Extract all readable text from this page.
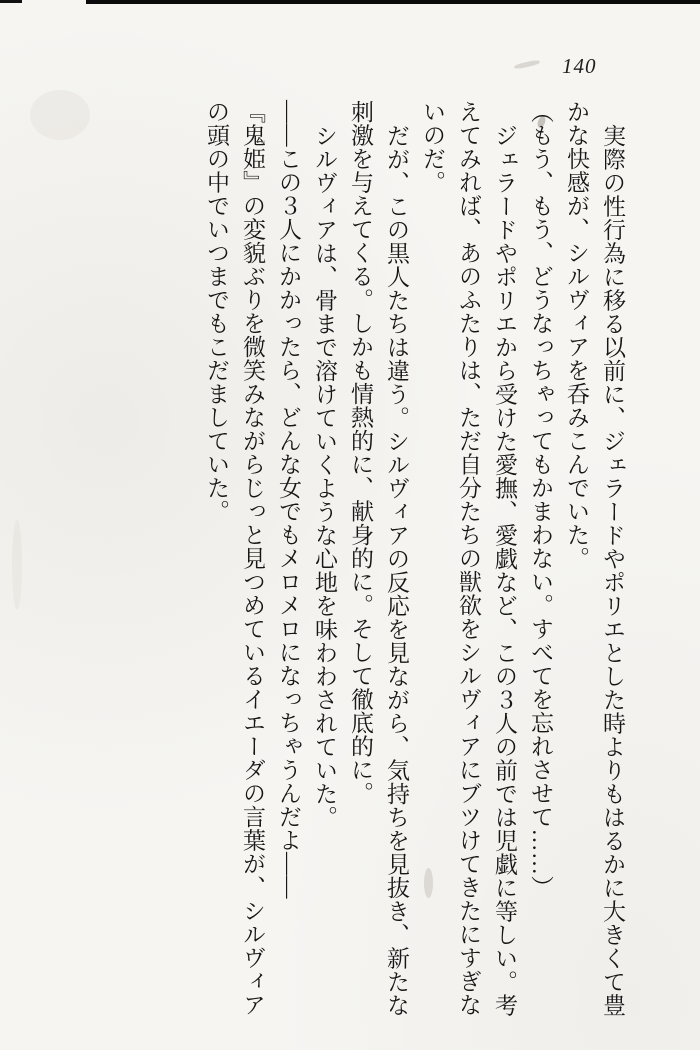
140

実際の性行為に移る以前に、ジェラードやポリエとした時よりもはるかに大きくて豊かな快感が、シルヴィアを呑みこんでいた。

（もう、もう、どうなっちゃってもかまわない。すべてを忘れさせて……）

ジェラードやポリエから受けた愛撫、愛戯など、この３人の前では児戯に等しい。考えてみれば、あのふたりは、ただ自分たちの獣欲をシルヴィアにブツけてきたにすぎないのだ。

だが、この黒人たちは違う。シルヴィアの反応を見ながら、気持ちを見抜き、新たな刺激を与えてくる。しかも情熱的に、献身的に。そして徹底的に。

シルヴィアは、骨まで溶けていくような心地を味わわされていた。

——この３人にかかったら、どんな女でもメロメロになっちゃうんだよ——

『鬼姫』の変貌ぶりを微笑みながらじっと見つめているイエーダの言葉が、シルヴィアの頭の中でいつまでもこだましていた。
